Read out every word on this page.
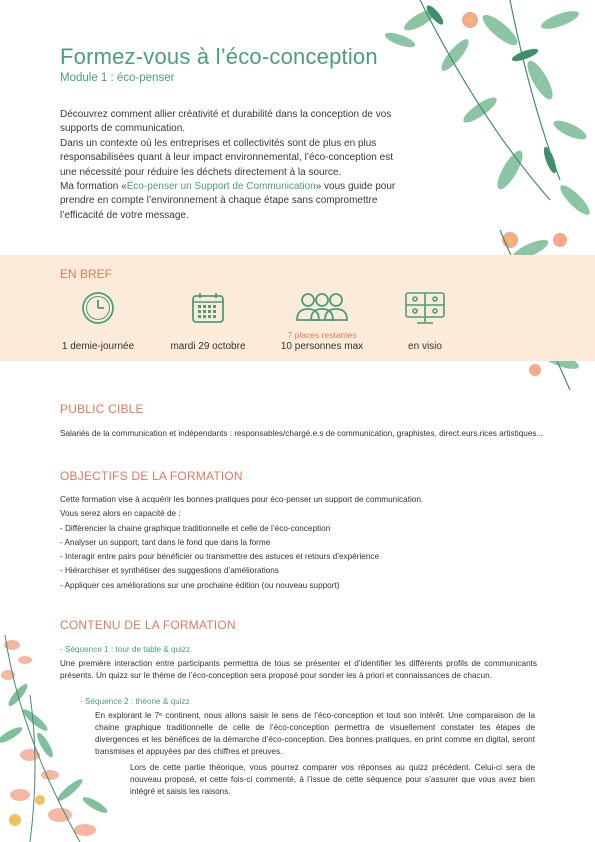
Formez-vous à l’éco-conception
Module 1 : éco-penser

Découvrez comment allier créativité et durabilité dans la conception de vos supports de communication.

Dans un contexte où les entreprises et collectivités sont de plus en plus responsabilisées quant à leur impact environnemental, l’éco-conception est une nécessité pour réduire les déchets directement à la source.

Ma formation «Éco-penser un Support de Communication» vous guide pour prendre en compte l’environnement à chaque étape sans compromettre l’efficacité de votre message.

EN BREF
1 demie-journée	mardi 29 octobre
7 places restantes
10 personnes max	en visio
PUBLIC CIBLE
Salariés de la communication et indépendants : responsables/chargé.e.s de communication, graphistes, direct.eurs.rices artistiques...
OBJECTIFS DE LA FORMATION

Cette formation vise à acquérir les bonnes pratiques pour éco-penser un support de communication.

Vous serez alors en capacité de :

- Différencier la chaine graphique traditionnelle et celle de l’éco-conception

- Analyser un support, tant dans le fond que dans la forme

- Interagir entre pairs pour bénéficier ou transmettre des astuces et retours d’expérience

- Hiérarchiser et synthétiser des suggestions d’améliorations

- Appliquer ces améliorations sur une prochaine édition (ou nouveau support)

CONTENU DE LA FORMATION
- Séquence 1 : tour de table & quizz
Une première interaction entre participants permettra de tous se présenter et d’identifier les différents profils de communicants présents. Un quizz sur le thème de l’éco-conception sera proposé pour sonder les à priori et connaissances de chacun.
- Séquence 2 : théorie & quizz
En explorant le 7ᵉ continent, nous allons saisir le sens de l’éco-conception et tout son intérêt. Une comparaison de la chaine graphique traditionnelle de celle de l’éco-conception permettra de visuellement constater les étapes de divergences et les bénéfices de la démarche d’éco-conception. Des bonnes pratiques, en print comme en digital, seront transmises et appuyées par des chiffres et preuves.
Lors de cette partie théorique, vous pourrez comparer vos réponses au quizz précédent. Celui-ci sera de nouveau proposé, et cette fois-ci commenté, à l’issue de cette séquence pour s’assurer que vous avez bien intégré et saisis les raisons.
